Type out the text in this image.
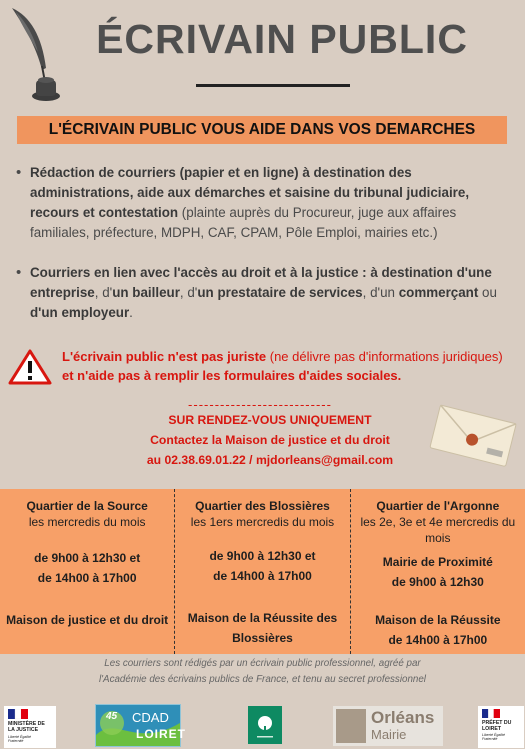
ÉCRIVAIN PUBLIC
L'ÉCRIVAIN PUBLIC VOUS AIDE DANS VOS DEMARCHES
• Rédaction de courriers (papier et en ligne) à destination des administrations, aide aux démarches et saisine du tribunal judiciaire, recours et contestation (plainte auprès du Procureur, juge aux affaires familiales, préfecture, MDPH, CAF, CPAM, Pôle Emploi, mairies etc.)
• Courriers en lien avec l'accès au droit et à la justice : à destination d'une entreprise, d'un bailleur, d'un prestataire de services, d'un commerçant ou d'un employeur.
L'écrivain public n'est pas juriste (ne délivre pas d'informations juridiques) et n'aide pas à remplir les formulaires d'aides sociales.
---------------------------
SUR RENDEZ-VOUS UNIQUEMENT
Contactez la Maison de justice et du droit
au 02.38.69.01.22 / mjdorleans@gmail.com
Quartier de la Source
les mercredis du mois
de 9h00 à 12h30 et
de 14h00 à 17h00
Maison de justice et du droit
Quartier des Blossières
les 1ers mercredis du mois
de 9h00 à 12h30 et
de 14h00 à 17h00
Maison de la Réussite des Blossières
Quartier de l'Argonne
les 2e, 3e et 4e mercredis du mois
Mairie de Proximité
de 9h00 à 12h30
Maison de la Réussite
de 14h00 à 17h00
Les courriers sont rédigés par un écrivain public professionnel, agréé par l'Académie des écrivains publics de France, et tenu au secret professionnel
MINISTÈRE DE LA JUSTICE
Liberté Égalité Fraternité
45 CDAD
LOIRET
Orléans
Mairie
PRÉFET DU LOIRET
Liberté Égalité Fraternité
